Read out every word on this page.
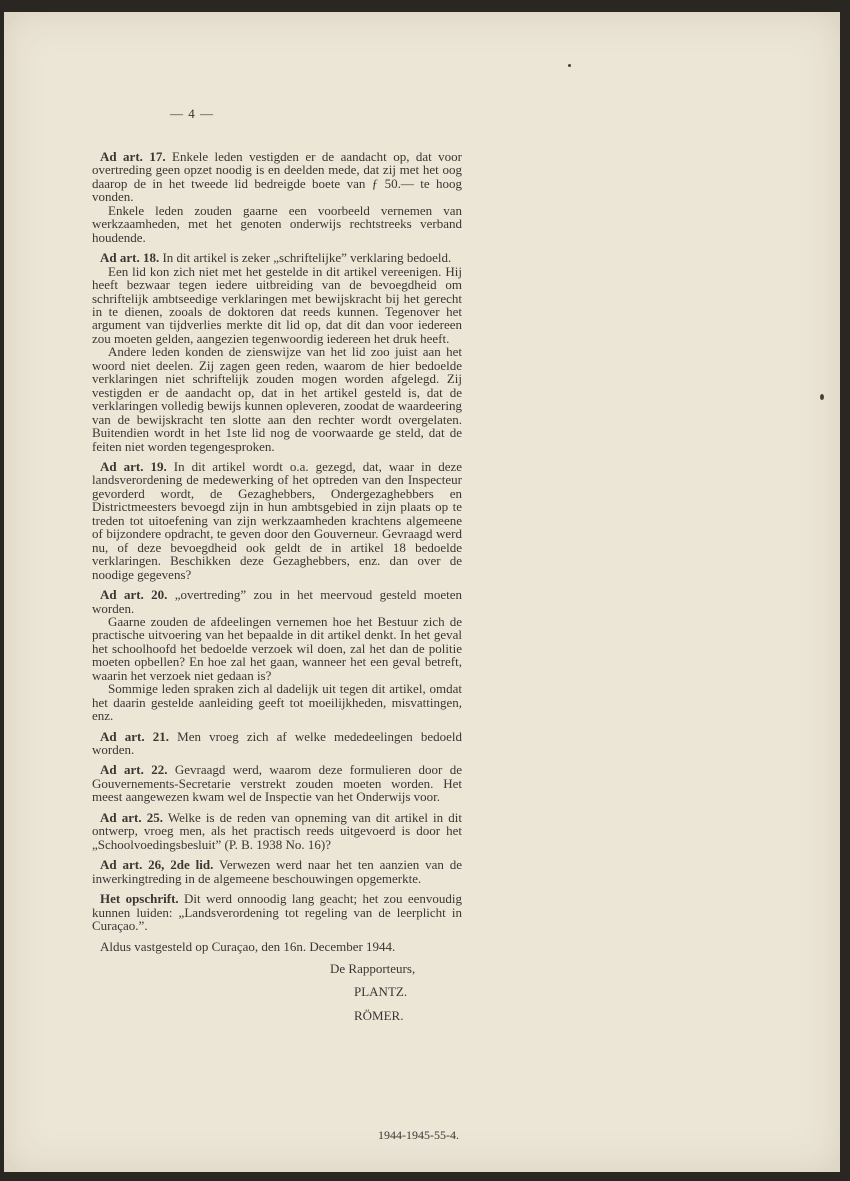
— 4 —

Ad art. 17. Enkele leden vestigden er de aandacht op, dat voor overtreding geen opzet noodig is en deelden mede, dat zij met het oog daarop de in het tweede lid bedreigde boete van ƒ 50.— te hoog vonden.

Enkele leden zouden gaarne een voorbeeld vernemen van werkzaamheden, met het genoten onderwijs rechtstreeks verband houdende.

Ad art. 18. In dit artikel is zeker „schriftelijke” verklaring bedoeld.

Een lid kon zich niet met het gestelde in dit artikel vereenigen. Hij heeft bezwaar tegen iedere uitbreiding van de bevoegdheid om schriftelijk ambtseedige verklaringen met bewijskracht bij het gerecht in te dienen, zooals de doktoren dat reeds kunnen. Tegenover het argument van tijdverlies merkte dit lid op, dat dit dan voor iedereen zou moeten gelden, aangezien tegenwoordig iedereen het druk heeft.

Andere leden konden de zienswijze van het lid zoo juist aan het woord niet deelen. Zij zagen geen reden, waarom de hier bedoelde verklaringen niet schriftelijk zouden mogen worden afgelegd. Zij vestigden er de aandacht op, dat in het artikel gesteld is, dat de verklaringen volledig bewijs kunnen opleveren, zoodat de waardeering van de bewijskracht ten slotte aan den rechter wordt overgelaten. Buitendien wordt in het 1ste lid nog de voorwaarde ge steld, dat de feiten niet worden tegengesproken.

Ad art. 19. In dit artikel wordt o.a. gezegd, dat, waar in deze landsverordening de medewerking of het optreden van den Inspecteur gevorderd wordt, de Gezaghebbers, Ondergezaghebbers en Districtmeesters bevoegd zijn in hun ambtsgebied in zijn plaats op te treden tot uitoefening van zijn werkzaamheden krachtens algemeene of bijzondere opdracht, te geven door den Gouverneur. Gevraagd werd nu, of deze bevoegdheid ook geldt de in artikel 18 bedoelde verklaringen. Beschikken deze Gezaghebbers, enz. dan over de noodige gegevens?

Ad art. 20. „overtreding” zou in het meervoud gesteld moeten worden.

Gaarne zouden de afdeelingen vernemen hoe het Bestuur zich de practische uitvoering van het bepaalde in dit artikel denkt. In het geval het schoolhoofd het bedoelde verzoek wil doen, zal het dan de politie moeten opbellen? En hoe zal het gaan, wanneer het een geval betreft, waarin het verzoek niet gedaan is?

Sommige leden spraken zich al dadelijk uit tegen dit artikel, omdat het daarin gestelde aanleiding geeft tot moeilijkheden, misvattingen, enz.

Ad art. 21. Men vroeg zich af welke mededeelingen bedoeld worden.

Ad art. 22. Gevraagd werd, waarom deze formulieren door de Gouvernements-Secretarie verstrekt zouden moeten worden. Het meest aangewezen kwam wel de Inspectie van het Onderwijs voor.

Ad art. 25. Welke is de reden van opneming van dit artikel in dit ontwerp, vroeg men, als het practisch reeds uitgevoerd is door het „Schoolvoedingsbesluit” (P. B. 1938 No. 16)?

Ad art. 26, 2de lid. Verwezen werd naar het ten aanzien van de inwerkingtreding in de algemeene beschouwingen opgemerkte.

Het opschrift. Dit werd onnoodig lang geacht; het zou eenvoudig kunnen luiden: „Landsverordening tot regeling van de leerplicht in Curaçao.”.

Aldus vastgesteld op Curaçao, den 16n. December 1944.

De Rapporteurs,
PLANTZ.
RÖMER.
1944-1945-55-4.
